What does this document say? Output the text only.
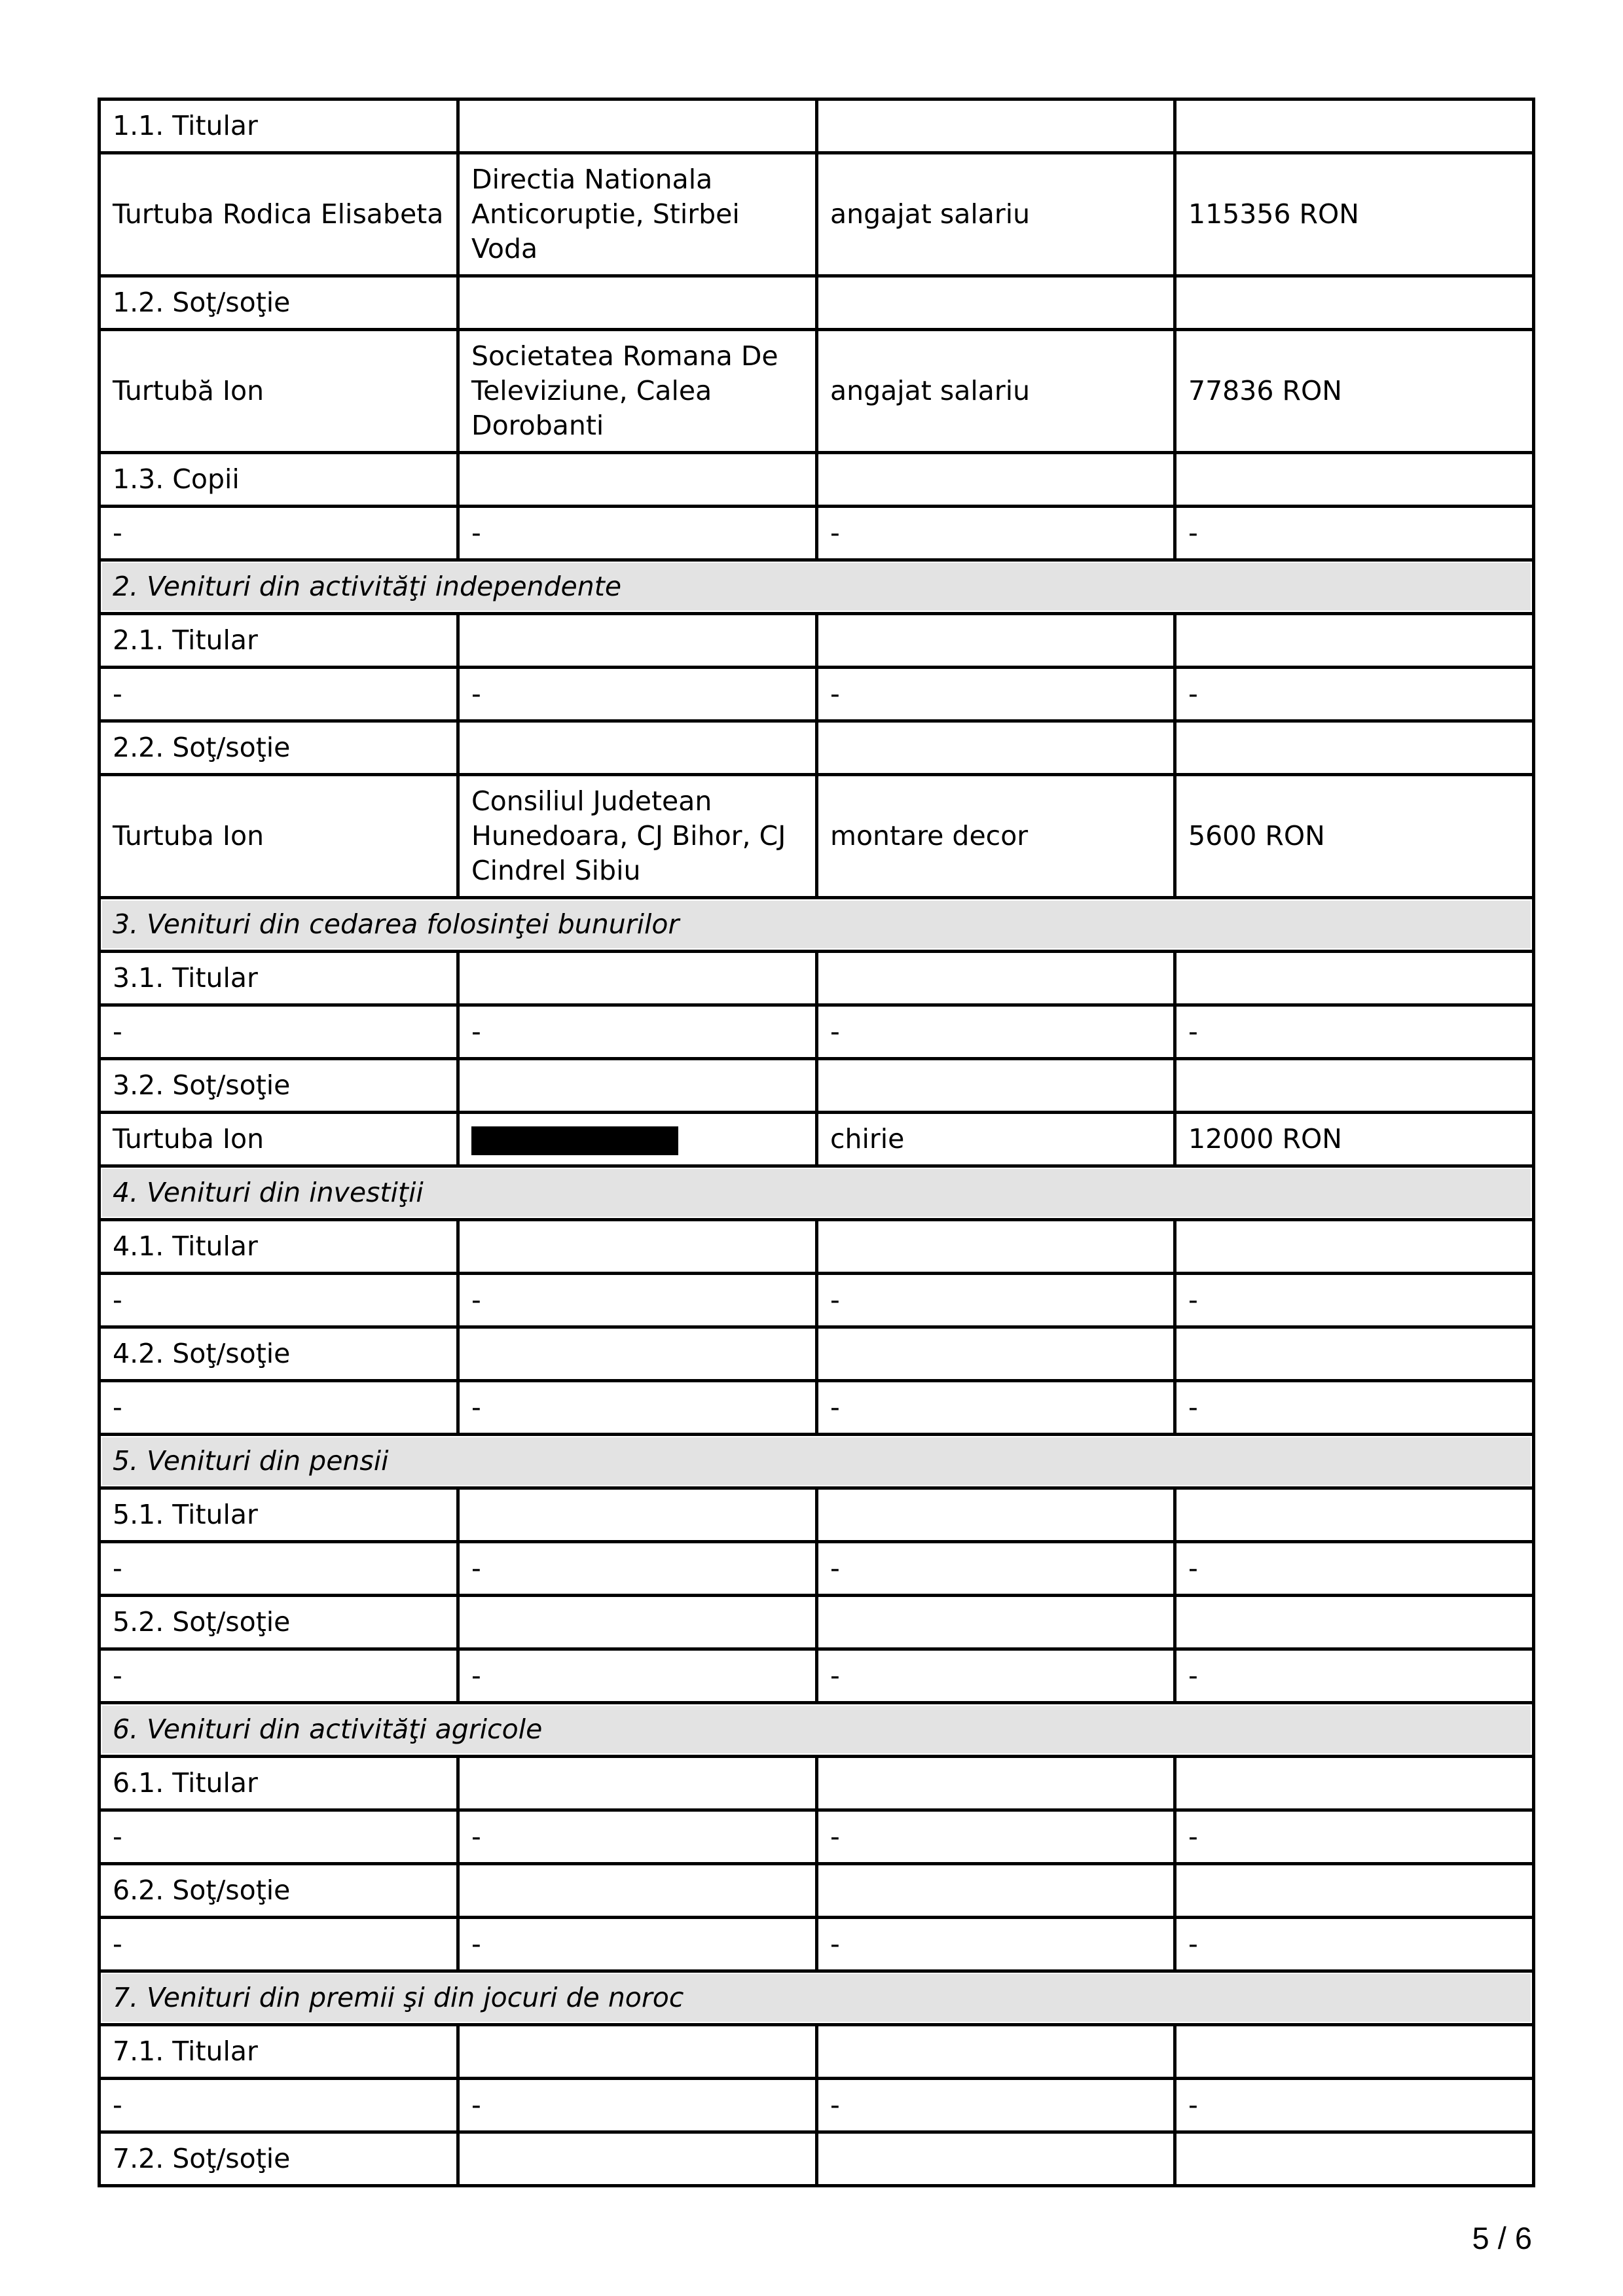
1.1. Titular			
Turtuba Rodica Elisabeta	Directia Nationala Anticoruptie, Stirbei Voda	angajat salariu	115356 RON
1.2. Soţ/soţie			
Turtubă Ion	Societatea Romana De Televiziune, Calea Dorobanti	angajat salariu	77836 RON
1.3. Copii			
-	-	-	-
2. Venituri din activităţi independente			
2.1. Titular			
-	-	-	-
2.2. Soţ/soţie			
Turtuba Ion	Consiliul Judetean Hunedoara, CJ Bihor, CJ Cindrel Sibiu	montare decor	5600 RON
3. Venituri din cedarea folosinţei bunurilor			
3.1. Titular			
-	-	-	-
3.2. Soţ/soţie			
Turtuba Ion		chirie	12000 RON
4. Venituri din investiţii			
4.1. Titular			
-	-	-	-
4.2. Soţ/soţie			
-	-	-	-
5. Venituri din pensii			
5.1. Titular			
-	-	-	-
5.2. Soţ/soţie			
-	-	-	-
6. Venituri din activităţi agricole			
6.1. Titular			
-	-	-	-
6.2. Soţ/soţie			
-	-	-	-
7. Venituri din premii şi din jocuri de noroc			
7.1. Titular			
-	-	-	-
7.2. Soţ/soţie			
5 / 6
